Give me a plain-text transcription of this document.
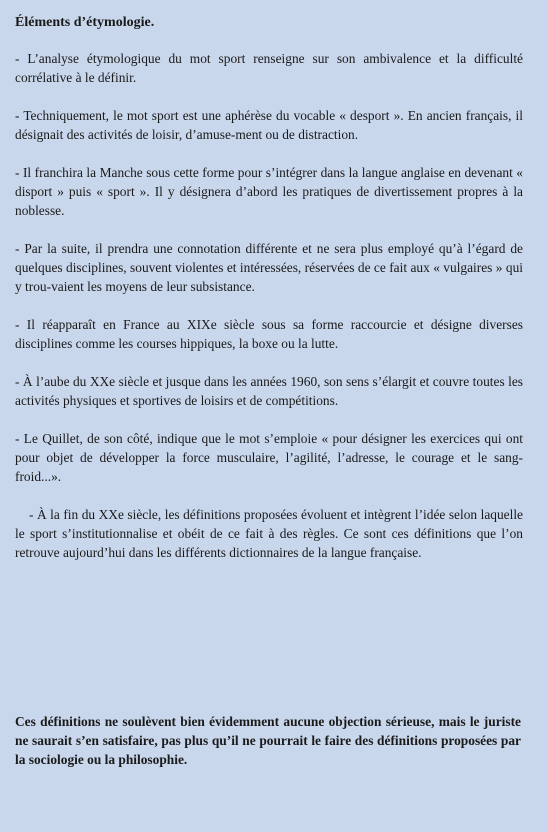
Éléments d’étymologie.

- L’analyse étymologique du mot sport renseigne sur son ambivalence et la difficulté corrélative à le définir.

- Techniquement, le mot sport est une aphérèse du vocable « desport ». En ancien français, il désignait des activités de loisir, d’amuse-ment ou de distraction.

- Il franchira la Manche sous cette forme pour s’intégrer dans la langue anglaise en devenant « disport » puis « sport ». Il y désignera d’abord les pratiques de divertissement propres à la noblesse.

- Par la suite, il prendra une connotation différente et ne sera plus employé qu’à l’égard de quelques disciplines, souvent violentes et intéressées, réservées de ce fait aux « vulgaires » qui y trou-vaient les moyens de leur subsistance.

- Il réapparaît en France au XIXe siècle sous sa forme raccourcie et désigne diverses disciplines comme les courses hippiques, la boxe ou la lutte.

- À l’aube du XXe siècle et jusque dans les années 1960, son sens s’élargit et couvre toutes les activités physiques et sportives de loisirs et de compétitions.

- Le Quillet, de son côté, indique que le mot s’emploie « pour désigner les exercices qui ont pour objet de développer la force musculaire, l’agilité, l’adresse, le courage et le sang-froid...».

- À la fin du XXe siècle, les définitions proposées évoluent et intègrent l’idée selon laquelle le sport s’institutionnalise et obéit de ce fait à des règles. Ce sont ces définitions que l’on retrouve aujourd’hui dans les différents dictionnaires de la langue française.

Ces définitions ne soulèvent bien évidemment aucune objection sérieuse, mais le juriste ne saurait s’en satisfaire, pas plus qu’il ne pourrait le faire des définitions proposées par la sociologie ou la philosophie.
